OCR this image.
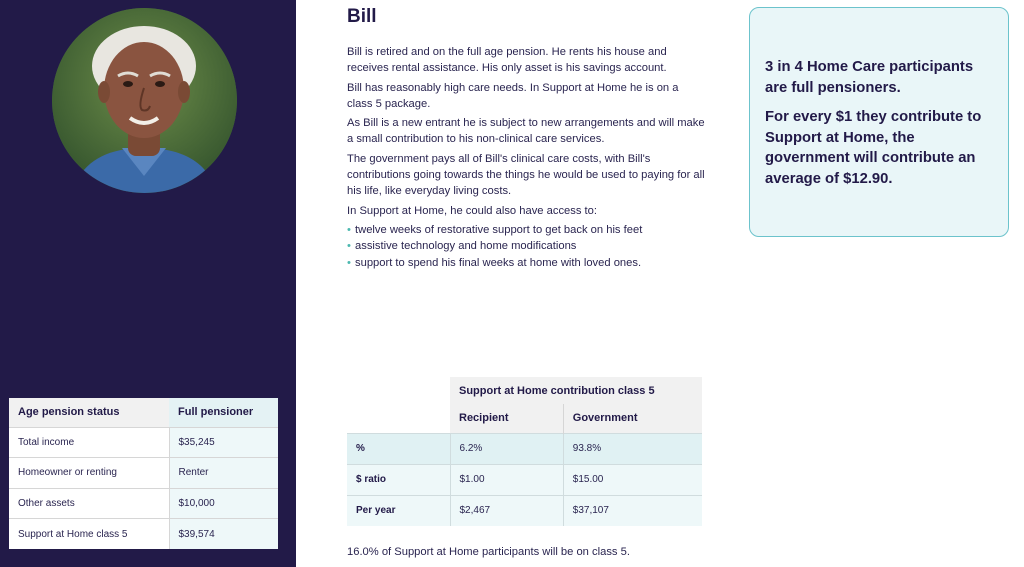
Age pension status	Full pensioner
Total income	$35,245
Homeowner or renting	Renter
Other assets	$10,000
Support at Home class 5	$39,574
Bill

Bill is retired and on the full age pension. He rents his house and receives rental assistance. His only asset is his savings account.

Bill has reasonably high care needs. In Support at Home he is on a class 5 package.

As Bill is a new entrant he is subject to new arrangements and will make a small contribution to his non-clinical care services.

The government pays all of Bill's clinical care costs, with Bill's contributions going towards the things he would be used to paying for all his life, like everyday living costs.

In Support at Home, he could also have access to:

• twelve weeks of restorative support to get back on his feet
• assistive technology and home modifications
• support to spend his final weeks at home with loved ones.

3 in 4 Home Care participants are full pensioners.

For every $1 they contribute to Support at Home, the government will contribute an average of $12.90.

	Support at Home contribution class 5	
	Recipient	Government
%	6.2%	93.8%
$ ratio	$1.00	$15.00
Per year	$2,467	$37,107

16.0% of Support at Home participants will be on class 5.
